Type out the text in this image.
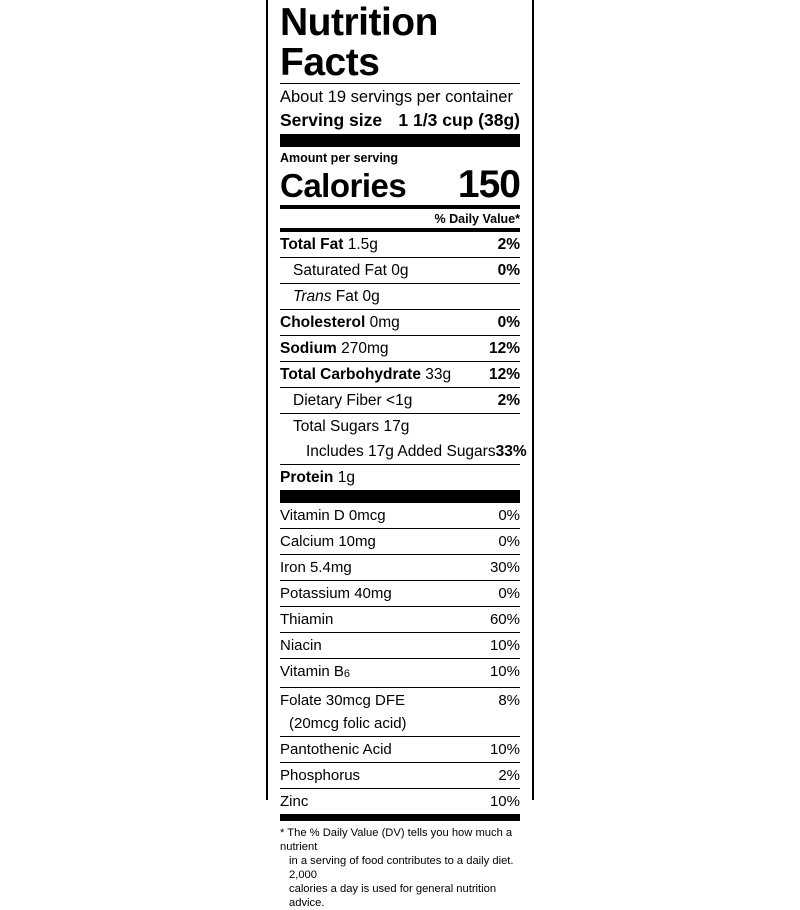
Nutrition Facts
About 19 servings per container
Serving size 1 1/3 cup (38g)
Amount per serving
Calories 150
% Daily Value*
Total Fat 1.5g	2%
Saturated Fat 0g	0%
Trans Fat 0g
Cholesterol 0mg	0%
Sodium 270mg	12%
Total Carbohydrate 33g 12%
Dietary Fiber <1g	2%
Total Sugars 17g
Includes 17g Added Sugars 33%
Protein 1g
Vitamin D 0mcg	0%
Calcium 10mg	0%
Iron 5.4mg	30%
Potassium 40mg	0%
Thiamin	60%
Niacin	10%
Vitamin B6	10%
Folate 30mcg DFE	8%
(20mcg folic acid)
Pantothenic Acid	10%
Phosphorus	2%
Zinc	10%
* The % Daily Value (DV) tells you how much a nutrient
in a serving of food contributes to a daily diet. 2,000
calories a day is used for general nutrition advice.
